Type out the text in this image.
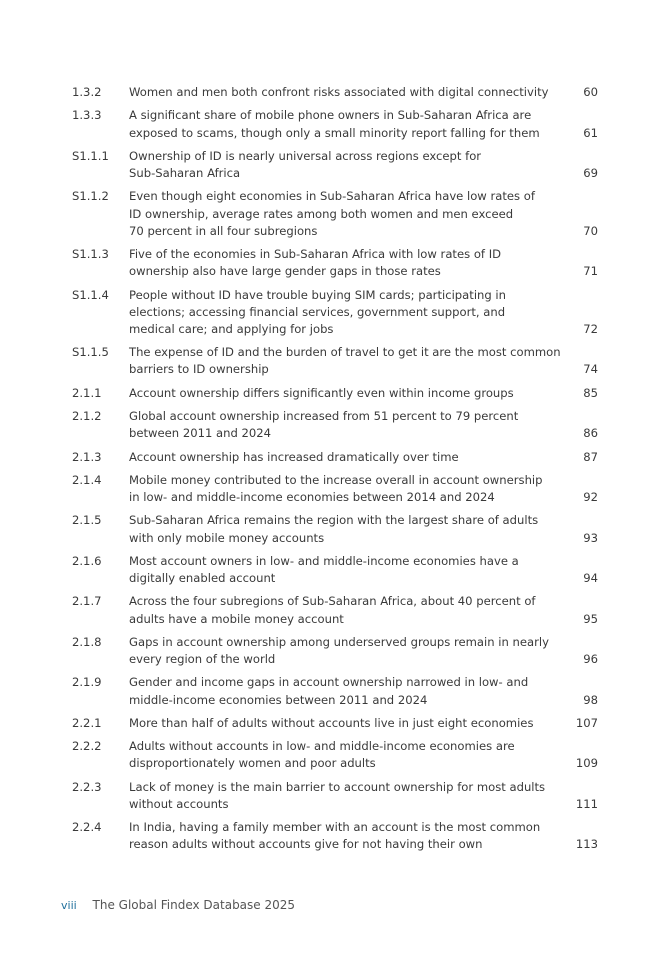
1.3.2	Women and men both confront risks associated with digital connectivity	60
1.3.3	A significant share of mobile phone owners in Sub-Saharan Africa are
exposed to scams, though only a small minority report falling for them	61
S1.1.1	Ownership of ID is nearly universal across regions except for
Sub-Saharan Africa	69
S1.1.2	Even though eight economies in Sub-Saharan Africa have low rates of
ID ownership, average rates among both women and men exceed
70 percent in all four subregions	70
S1.1.3	Five of the economies in Sub-Saharan Africa with low rates of ID
ownership also have large gender gaps in those rates	71
S1.1.4	People without ID have trouble buying SIM cards; participating in
elections; accessing financial services, government support, and
medical care; and applying for jobs	72
S1.1.5	The expense of ID and the burden of travel to get it are the most common
barriers to ID ownership	74
2.1.1	Account ownership differs significantly even within income groups	85
2.1.2	Global account ownership increased from 51 percent to 79 percent
between 2011 and 2024	86
2.1.3	Account ownership has increased dramatically over time	87
2.1.4	Mobile money contributed to the increase overall in account ownership
in low- and middle-income economies between 2014 and 2024	92
2.1.5	Sub-Saharan Africa remains the region with the largest share of adults
with only mobile money accounts	93
2.1.6	Most account owners in low- and middle-income economies have a
digitally enabled account	94
2.1.7	Across the four subregions of Sub-Saharan Africa, about 40 percent of
adults have a mobile money account	95
2.1.8	Gaps in account ownership among underserved groups remain in nearly
every region of the world	96
2.1.9	Gender and income gaps in account ownership narrowed in low- and
middle-income economies between 2011 and 2024	98
2.2.1	More than half of adults without accounts live in just eight economies	107
2.2.2	Adults without accounts in low- and middle-income economies are
disproportionately women and poor adults	109
2.2.3	Lack of money is the main barrier to account ownership for most adults
without accounts	111
2.2.4	In India, having a family member with an account is the most common
reason adults without accounts give for not having their own	113
viii The Global Findex Database 2025
